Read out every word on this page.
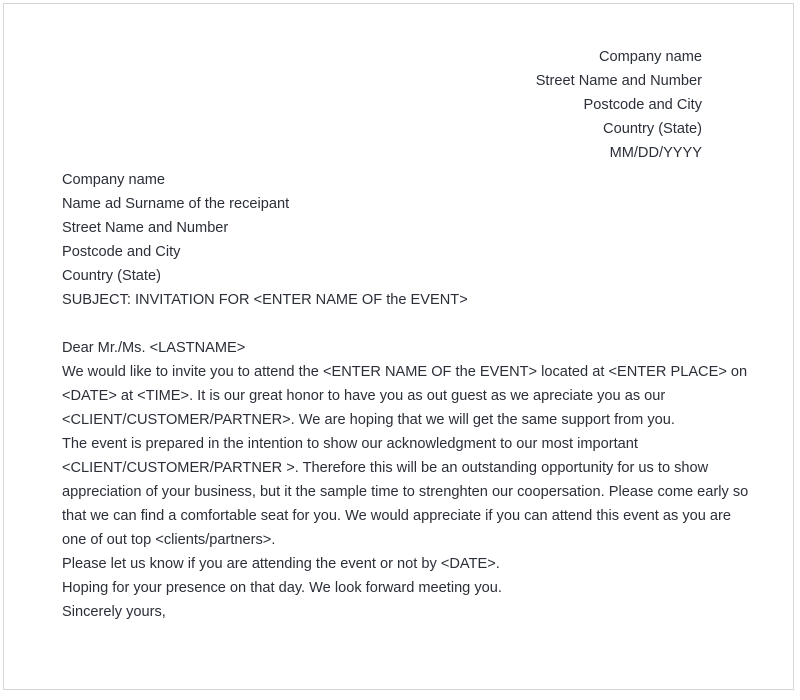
Company name
Street Name and Number
Postcode and City
Country (State)
MM/DD/YYYY
Company name
Name ad Surname of the receipant
Street Name and Number
Postcode and City
Country (State)
SUBJECT: INVITATION FOR <ENTER NAME OF the EVENT>

Dear Mr./Ms. <LASTNAME>

We would like to invite you to attend the <ENTER NAME OF the EVENT> located at <ENTER PLACE> on <DATE> at <TIME>. It is our great honor to have you as out guest as we apreciate you as our <CLIENT/CUSTOMER/PARTNER>. We are hoping that we will get the same support from you.

The event is prepared in the intention to show our acknowledgment to our most important <CLIENT/CUSTOMER/PARTNER >. Therefore this will be an outstanding opportunity for us to show appreciation of your business, but it the sample time to strenghten our coopersation. Please come early so that we can find a comfortable seat for you. We would appreciate if you can attend this event as you are one of out top <clients/partners>.

Please let us know if you are attending the event or not by <DATE>.

Hoping for your presence on that day. We look forward meeting you.

Sincerely yours,
